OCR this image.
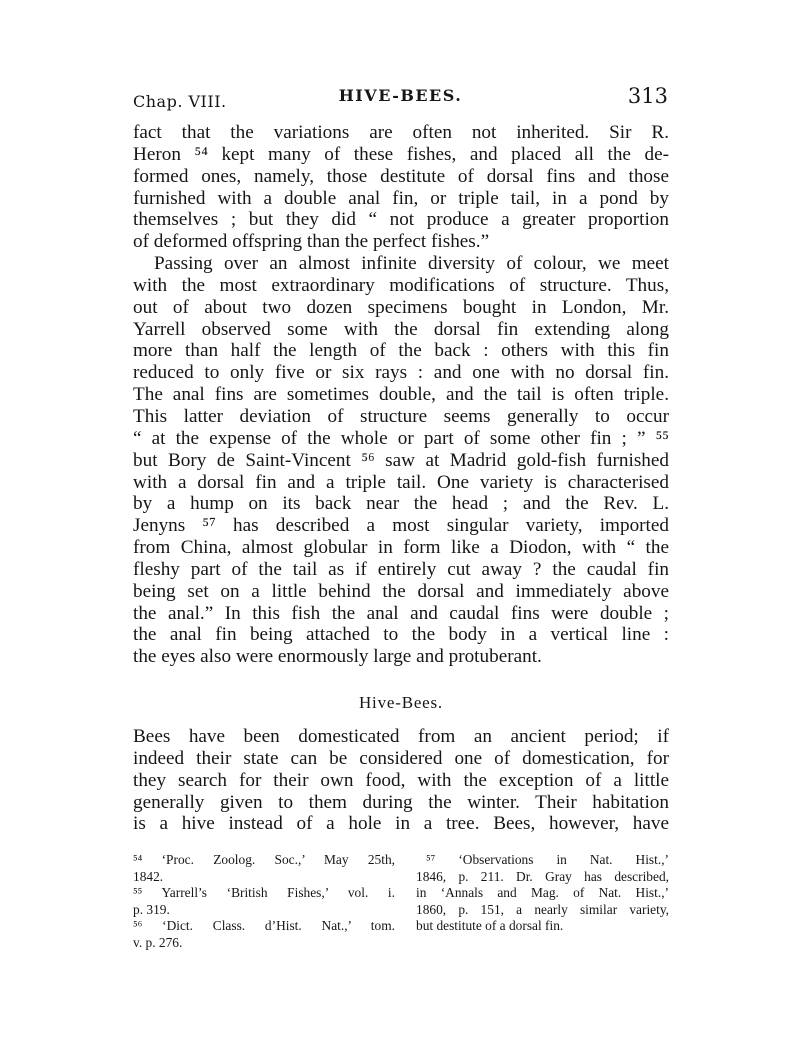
Chap. VIII.	HIVE-BEES.	313
fact that the variations are often not inherited. Sir R.
Heron ⁵⁴ kept many of these fishes, and placed all the de-
formed ones, namely, those destitute of dorsal fins and those
furnished with a double anal fin, or triple tail, in a pond by
themselves ; but they did “ not produce a greater proportion
of deformed offspring than the perfect fishes.”
Passing over an almost infinite diversity of colour, we meet
with the most extraordinary modifications of structure. Thus,
out of about two dozen specimens bought in London, Mr.
Yarrell observed some with the dorsal fin extending along
more than half the length of the back : others with this fin
reduced to only five or six rays : and one with no dorsal fin.
The anal fins are sometimes double, and the tail is often triple.
This latter deviation of structure seems generally to occur
“ at the expense of the whole or part of some other fin ; ” ⁵⁵
but Bory de Saint-Vincent ⁵⁶ saw at Madrid gold-fish furnished
with a dorsal fin and a triple tail. One variety is characterised
by a hump on its back near the head ; and the Rev. L.
Jenyns ⁵⁷ has described a most singular variety, imported
from China, almost globular in form like a Diodon, with “ the
fleshy part of the tail as if entirely cut away ? the caudal fin
being set on a little behind the dorsal and immediately above
the anal.” In this fish the anal and caudal fins were double ;
the anal fin being attached to the body in a vertical line :
the eyes also were enormously large and protuberant.
Hive-Bees.
Bees have been domesticated from an ancient period; if
indeed their state can be considered one of domestication, for
they search for their own food, with the exception of a little
generally given to them during the winter. Their habitation
is a hive instead of a hole in a tree. Bees, however, have
⁵⁴ ‘Proc. Zoolog. Soc.,’ May 25th,
1842.
⁵⁵ Yarrell’s ‘British Fishes,’ vol. i.
p. 319.
⁵⁶ ‘Dict. Class. d’Hist. Nat.,’ tom.
v. p. 276.
⁵⁷ ‘Observations in Nat. Hist.,’
1846, p. 211. Dr. Gray has described,
in ‘Annals and Mag. of Nat. Hist.,’
1860, p. 151, a nearly similar variety,
but destitute of a dorsal fin.
